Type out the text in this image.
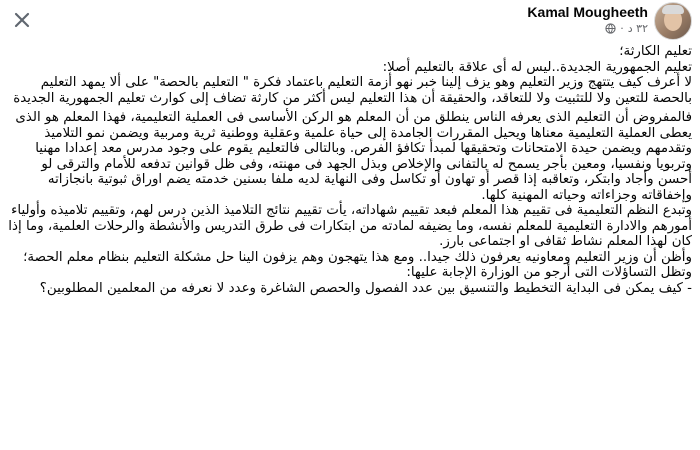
Kamal Mougheeth
٣٢ د
·

تعليم الكارثة؛

تعليم الجمهورية الجديدة..ليس له أى علاقة بالتعليم أصلا:

لا أعرف كيف يتتهج وزير التعليم وهو يزف إلينا خبر نهو أزمة التعليم باعتماد فكرة " التعليم بالحصة" على ألا يمهد التعليم بالحصة للتعين ولا للتثبيت ولا للتعاقد، والحقيقة أن هذا التعليم ليس أكثر من كارثة تضاف إلى كوارث تعليم الجمهورية الجديدة

فالمفروض أن التعليم الذى يعرفه الناس ينطلق من أن المعلم هو الركن الأساسى فى العملية التعليمية، فهذا المعلم هو الذى يعطى العملية التعليمية معناها ويحيل المقررات الجامدة إلى حياة علمية وعقلية ووطنية ثرية ومربية ويضمن نمو التلاميذ وتقدمهم ويضمن حيدة الامتحانات وتحقيقها لمبدأ تكافؤ الفرص. وبالتالى فالتعليم يقوم على وجود مدرس معد إعدادا مهنيا وتربويا ونفسيا، ومعين بأجر يسمح له بالتفانى والإخلاص وبذل الجهد فى مهنته، وفى ظل قوانين تدفعه للأمام والترقى لو أحسن وأجاد وابتكر، وتعاقبه إذا قصر أو تهاون أو تكاسل وفى النهاية لديه ملفا بسنين خدمته يضم اوراق ثبوتية بانجازاته وإخفاقاته وجزاءاته وحياته المهنية كلها.

وتبدع النظم التعليمية فى تقييم هذا المعلم فبعد تقييم شهاداته، يأت تقييم نتائج التلاميذ الذين درس لهم، وتقييم تلاميذه وأولياء أمورهم والادارة التعليمية للمعلم نفسه، وما يضيفه لمادته من ابتكارات فى طرق التدريس والأنشطة والرحلات العلمية، وما إذا كان لهذا المعلم نشاط ثقافى او اجتماعى بارز.

وأظن أن وزير التعليم ومعاونيه يعرفون ذلك جيدا.. ومع هذا يتهجون وهم يزفون الينا حل مشكلة التعليم بنظام معلم الحصة؛

وتظل التساؤلات التى أرجو من الوزارة الإجابة عليها:

- كيف يمكن فى البداية التخطيط والتنسيق بين عدد الفصول والحصص الشاغرة وعدد لا نعرفه من المعلمين المطلوبين؟
